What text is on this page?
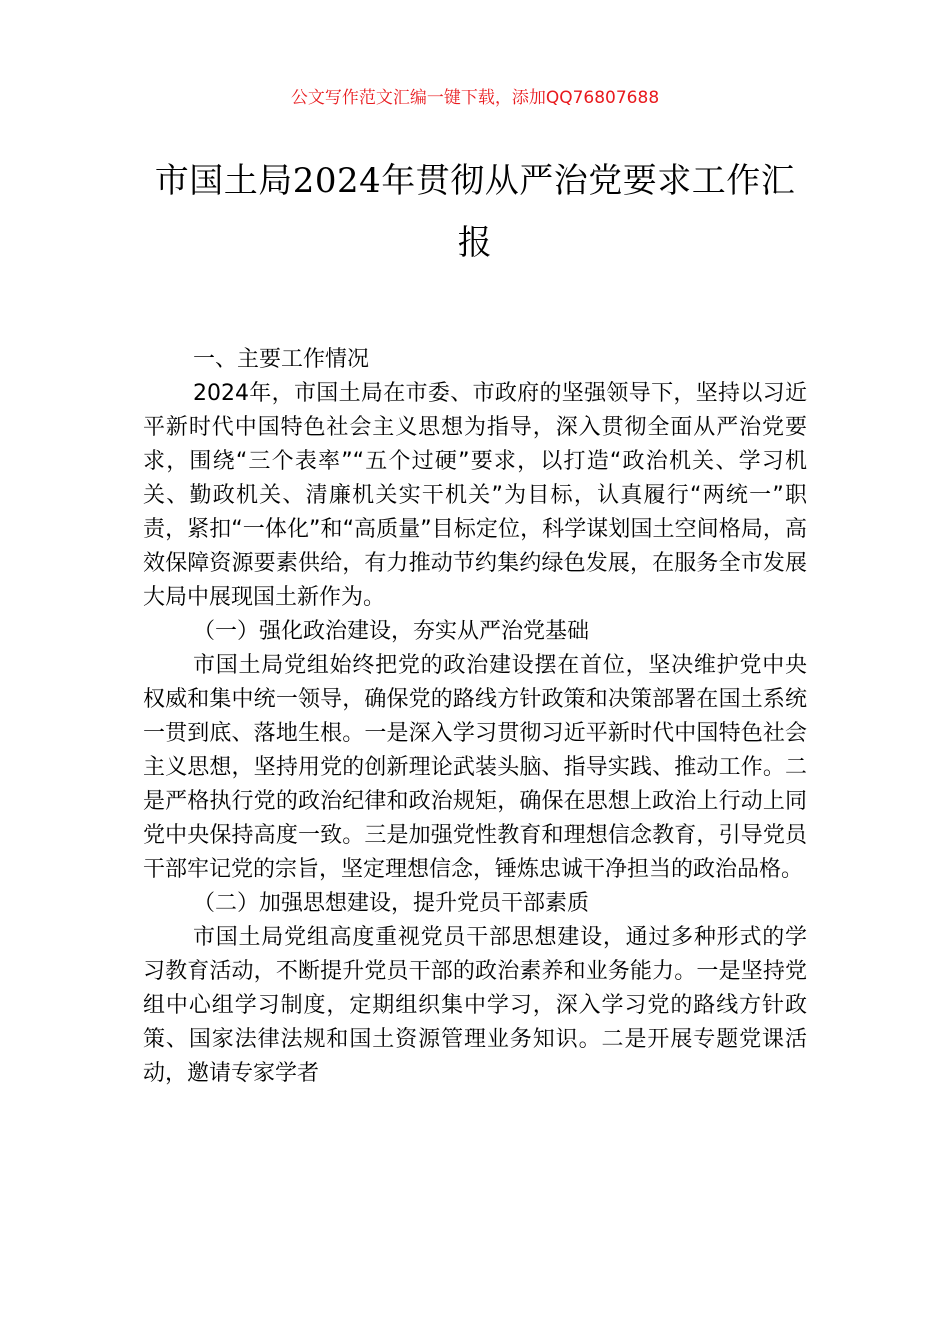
公文写作范文汇编一键下载，添加QQ76807688
市国土局2024年贯彻从严治党要求工作汇报

一、主要工作情况

2024年，市国土局在市委、市政府的坚强领导下，坚持以习近平新时代中国特色社会主义思想为指导，深入贯彻全面从严治党要求，围绕“三个表率”“五个过硬”要求，以打造“政治机关、学习机关、勤政机关、清廉机关实干机关”为目标，认真履行“两统一”职责，紧扣“一体化”和“高质量”目标定位，科学谋划国土空间格局，高效保障资源要素供给，有力推动节约集约绿色发展，在服务全市发展大局中展现国土新作为。

（一）强化政治建设，夯实从严治党基础

市国土局党组始终把党的政治建设摆在首位，坚决维护党中央权威和集中统一领导，确保党的路线方针政策和决策部署在国土系统一贯到底、落地生根。一是深入学习贯彻习近平新时代中国特色社会主义思想，坚持用党的创新理论武装头脑、指导实践、推动工作。二是严格执行党的政治纪律和政治规矩，确保在思想上政治上行动上同党中央保持高度一致。三是加强党性教育和理想信念教育，引导党员干部牢记党的宗旨，坚定理想信念，锤炼忠诚干净担当的政治品格。

（二）加强思想建设，提升党员干部素质

市国土局党组高度重视党员干部思想建设，通过多种形式的学习教育活动，不断提升党员干部的政治素养和业务能力。一是坚持党组中心组学习制度，定期组织集中学习，深入学习党的路线方针政策、国家法律法规和国土资源管理业务知识。二是开展专题党课活动，邀请专家学者
